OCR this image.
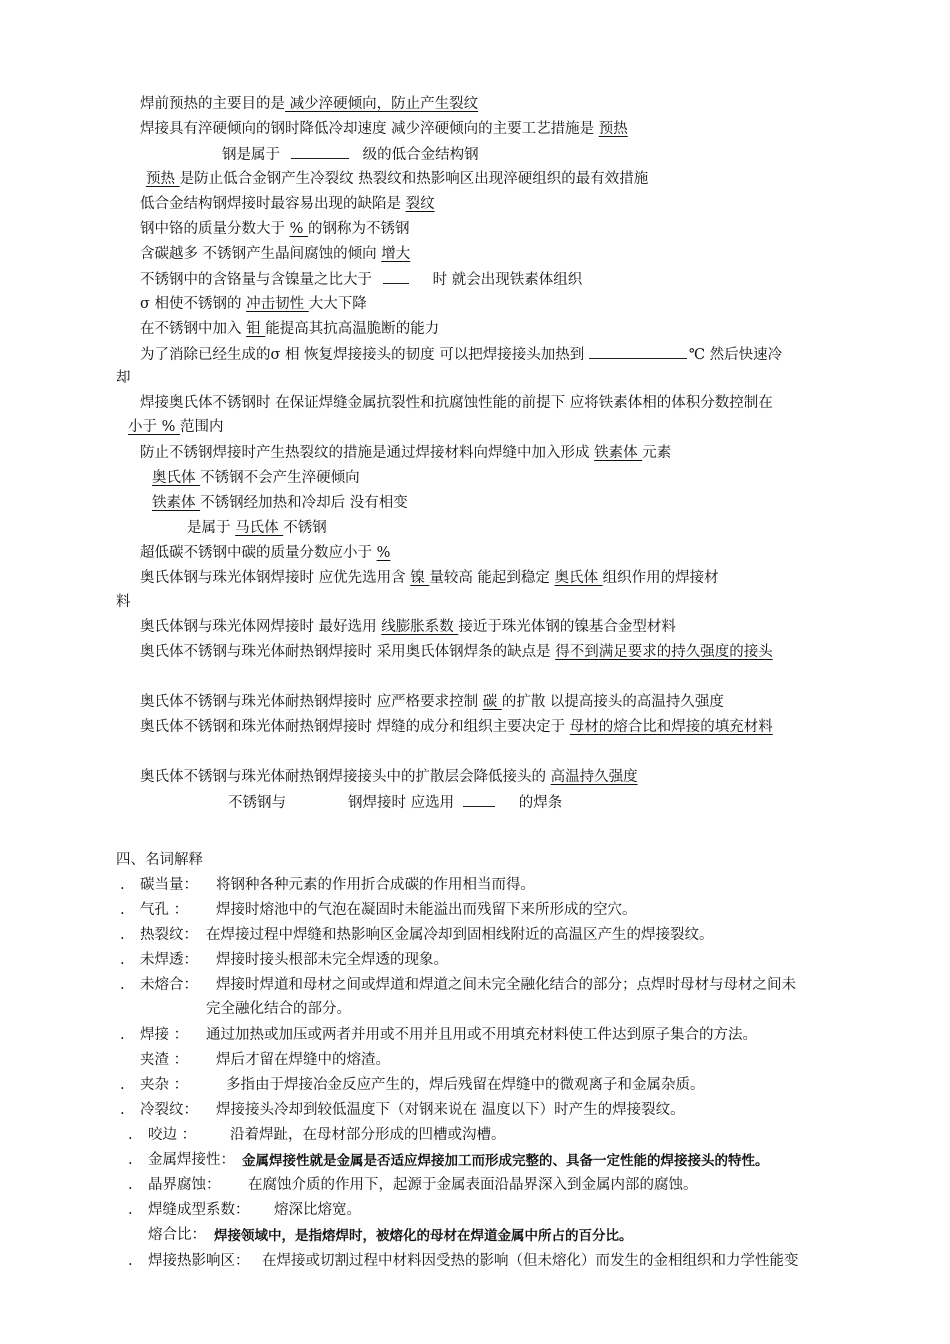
焊前预热的主要目的是 减少淬硬倾向，防止产生裂纹
焊接具有淬硬倾向的钢时降低冷却速度 减少淬硬倾向的主要工艺措施是 预热
钢是属于	级的低合金结构钢
预热 是防止低合金钢产生冷裂纹 热裂纹和热影响区出现淬硬组织的最有效措施
低合金结构钢焊接时最容易出现的缺陷是 裂纹
钢中铬的质量分数大于 % 的钢称为不锈钢
含碳越多 不锈钢产生晶间腐蚀的倾向 增大
不锈钢中的含铬量与含镍量之比大于	时 就会出现铁素体组织
σ 相使不锈钢的 冲击韧性 大大下降
在不锈钢中加入 钼 能提高其抗高温脆断的能力
为了消除已经生成的σ 相 恢复焊接接头的韧度 可以把焊接接头加热到	℃ 然后快速冷
却
焊接奥氏体不锈钢时 在保证焊缝金属抗裂性和抗腐蚀性能的前提下 应将铁素体相的体积分数控制在
小于 % 范围内
防止不锈钢焊接时产生热裂纹的措施是通过焊接材料向焊缝中加入形成 铁素体 元素
奥氏体 不锈钢不会产生淬硬倾向
铁素体 不锈钢经加热和冷却后 没有相变
是属于 马氏体 不锈钢
超低碳不锈钢中碳的质量分数应小于 %
奥氏体钢与珠光体钢焊接时 应优先选用含 镍 量较高 能起到稳定 奥氏体 组织作用的焊接材
料
奥氏体钢与珠光体网焊接时 最好选用 线膨胀系数 接近于珠光体钢的镍基合金型材料
奥氏体不锈钢与珠光体耐热钢焊接时 采用奥氏体钢焊条的缺点是 得不到满足要求的持久强度的接头
奥氏体不锈钢与珠光体耐热钢焊接时 应严格要求控制 碳 的扩散 以提高接头的高温持久强度
奥氏体不锈钢和珠光体耐热钢焊接时 焊缝的成分和组织主要决定于 母材的熔合比和焊接的填充材料
奥氏体不锈钢与珠光体耐热钢焊接接头中的扩散层会降低接头的 高温持久强度
不锈钢与	钢焊接时 应选用	的焊条
四、名词解释
. 碳当量： 将钢种各种元素的作用折合成碳的作用相当而得。
. 气孔 ： 焊接时熔池中的气泡在凝固时未能溢出而残留下来所形成的空穴。
. 热裂纹： 在焊接过程中焊缝和热影响区金属冷却到固相线附近的高温区产生的焊接裂纹。
. 未焊透： 焊接时接头根部未完全焊透的现象。
. 未熔合： 焊接时焊道和母材之间或焊道和焊道之间未完全融化结合的部分；点焊时母材与母材之间未
完全融化结合的部分。
. 焊接 ： 通过加热或加压或两者并用或不用并且用或不用填充材料使工件达到原子集合的方法。
夹渣 ： 焊后才留在焊缝中的熔渣。
. 夹杂 ：	多指由于焊接冶金反应产生的，焊后残留在焊缝中的微观离子和金属杂质。
. 冷裂纹： 焊接接头冷却到较低温度下（对钢来说在 温度以下）时产生的焊接裂纹。
. 咬边 ： 沿着焊趾，在母材部分形成的凹槽或沟槽。
. 金属焊接性： 金属焊接性就是金属是否适应焊接加工而形成完整的、具备一定性能的焊接接头的特性。
. 晶界腐蚀： 在腐蚀介质的作用下，起源于金属表面沿晶界深入到金属内部的腐蚀。
. 焊缝成型系数： 熔深比熔宽。
熔合比： 焊接领域中，是指熔焊时，被熔化的母材在焊道金属中所占的百分比。
. 焊接热影响区： 在焊接或切割过程中材料因受热的影响（但未熔化）而发生的金相组织和力学性能变
